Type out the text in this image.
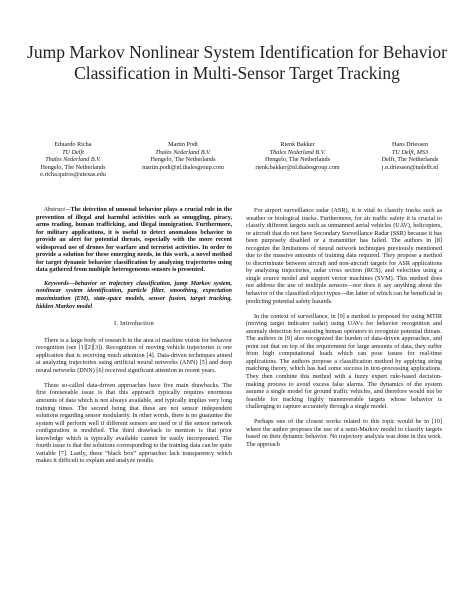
Jump Markov Nonlinear System Identification for Behavior Classification in Multi-Sensor Target Tracking
Eduardo Richa
TU Delft
Thales Nederland B.V.
Hengelo, The Netherlands
e.richa.quiros@utexas.edu
Martin Podt
Thales Nederland B.V.
Hengelo, The Netherlands
martin.podt@nl.thalesgroup.com
Rienk Bakker
Thales Nederland B.V.
Hengelo, The Netherlands
rienk.bakker@nl.thalesgroup.com
Hans Driessen
TU Delft, MS3
Delft, The Netherlands
j.n.driessen@tudelft.nl

Abstract—The detection of unusual behavior plays a crucial role in the prevention of illegal and harmful activities such as smuggling, piracy, arms trading, human trafficking, and illegal immigration. Furthermore, for military applications, it is useful to detect anomalous behavior to provide an alert for potential threats, especially with the more recent widespread use of drones for warfare and terrorist activities. In order to provide a solution for these emerging needs, in this work, a novel method for target dynamic behavior classification by analyzing trajectories using data gathered from multiple heterogeneous sensors is presented.

Keywords—behavior or trajectory classification, jump Markov system, nonlinear system identification, particle filter, smoothing, expectation maximization (EM), state-space models, sensor fusion, target tracking, hidden Markov model

I. Introduction

There is a large body of research in the area of machine vision for behavior recognition (see [1][2][3]). Recognition of moving vehicle trajectories is one application that is receiving much attention [4]. Data-driven techniques aimed at analyzing trajectories using artificial neural networks (ANN) [5] and deep neural networks (DNN) [6] received significant attention in recent years.

These so-called data-driven approaches have five main drawbacks. The first foreseeable issue is that this approach typically requires enormous amounts of data which is not always available, and typically implies very long training times. The second being that these are not sensor independent solutions regarding sensor modularity. In other words, there is no guarantee the system will perform well if different sensors are used or if the sensor network configuration is modified. The third drawback to mention is that prior knowledge which is typically available cannot be easily incorporated. The fourth issue is that the solutions corresponding to the training data can be quite variable [7]. Lastly, these “black box” approaches lack transparency which makes it difficult to explain and analyze results.

For airport surveillance radar (ASR), it is vital to classify tracks such as weather or biological tracks. Furthermore, for air traffic safety it is crucial to classify different targets such as unmanned aerial vehicles (UAV), helicopters, or aircraft that do not have Secondary Surveillance Radar (SSR) because it has been purposely disabled or a transmitter has failed. The authors in [8] recognize the limitations of neural network techniques previously mentioned due to the massive amounts of training data required. They propose a method to discriminate between aircraft and non-aircraft targets for ASR applications by analyzing trajectories, radar cross section (RCS), and velocities using a single source model and support vector machines (SVM). This method does not address the use of multiple sensors—nor does it say anything about the behavior of the classified object types—the latter of which can be beneficial in predicting potential safety hazards.

In the context of surveillance, in [9] a method is proposed for using MTIR (moving target indicator radar) using UAVs for behavior recognition and anomaly detection for assisting human operators to recognize potential threats. The authors in [9] also recognized the burden of data-driven approaches, and point out that on top of the requirement for large amounts of data, they suffer from high computational loads which can pose issues for real-time applications. The authors propose a classification method by applying string matching theory, which has had some success in text-processing applications. They then combine this method with a fuzzy expert rule-based decision-making process to avoid excess false alarms. The dynamics of the system assume a single model for ground traffic vehicles, and therefore would not be feasible for tracking highly maneuverable targets whose behavior is challenging to capture accurately through a single model.

Perhaps one of the closest works related to this topic would be in [10] where the author proposes the use of a semi-Markov model to classify targets based on their dynamic behavior. No trajectory analysis was done in this work. The approach
